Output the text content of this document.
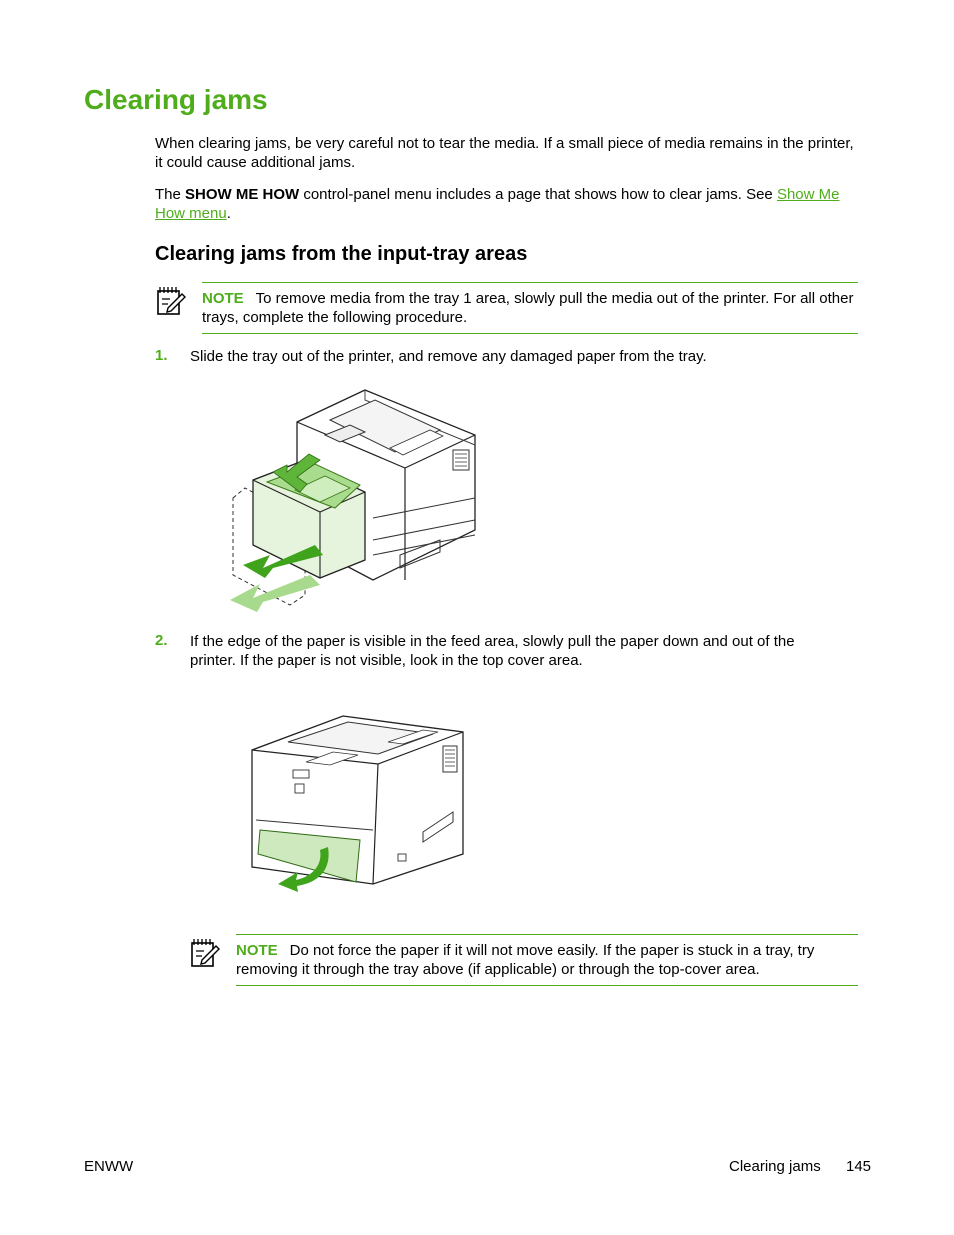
Clearing jams

When clearing jams, be very careful not to tear the media. If a small piece of media remains in the printer, it could cause additional jams.

The SHOW ME HOW control-panel menu includes a page that shows how to clear jams. See Show Me How menu.

Clearing jams from the input-tray areas
NOTE To remove media from the tray 1 area, slowly pull the media out of the printer. For all other trays, complete the following procedure.
1. Slide the tray out of the printer, and remove any damaged paper from the tray.
2. If the edge of the paper is visible in the feed area, slowly pull the paper down and out of the printer. If the paper is not visible, look in the top cover area.
NOTE Do not force the paper if it will not move easily. If the paper is stuck in a tray, try removing it through the tray above (if applicable) or through the top-cover area.
ENWW	Clearing jams 145
